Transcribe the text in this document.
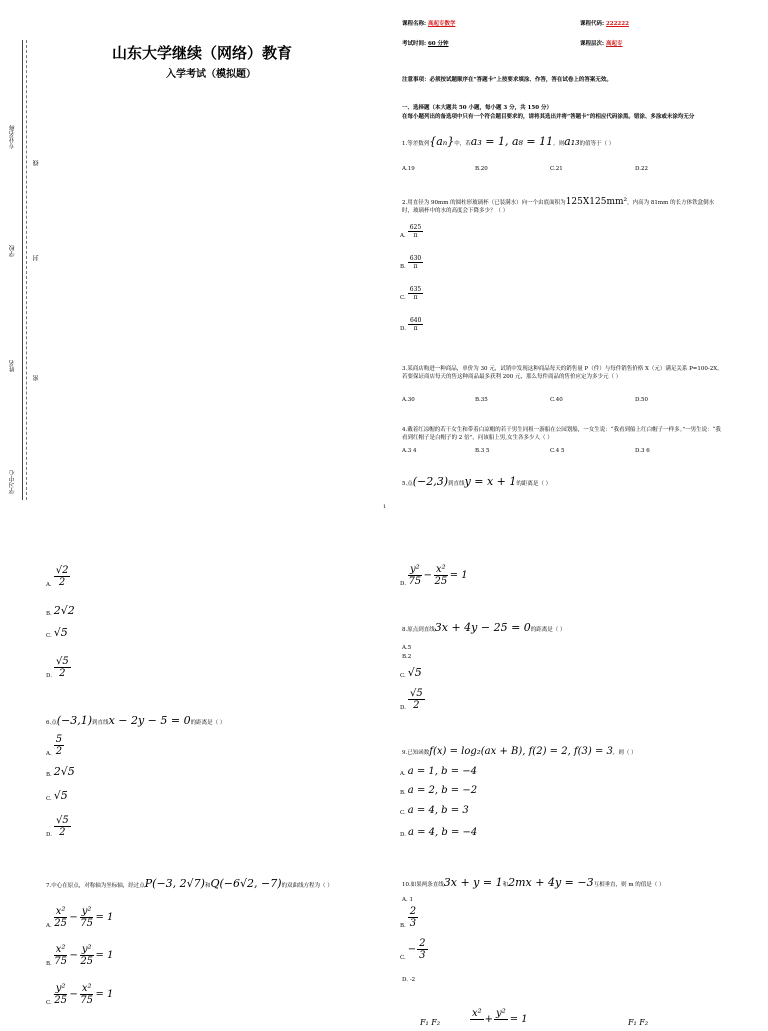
专业名称
线
学校
封
姓名
密
学习中心
山东大学继续（网络）教育
入学考试（模拟题）
课程名称: 高起专数学	课程代码: 222222
考试时间: 60 分钟	课程层次: 高起专
注意事项：必须按试题顺序在“答题卡”上按要求填涂、作答，答在试卷上的答案无效。
一、选择题（本大题共 50 小题，每小题 3 分，共 150 分）
在每小题列出的备选项中只有一个符合题目要求的，请将其选出并将“答题卡”的相应代码涂黑。错涂、多涂或未涂均无分
1.等差数列{aₙ}中，若a₃ = 1, a₈ = 11，则a₁₃的值等于（ ）
A.19	B.20	C.21	D.22
2.用直径为 90mm 的圆柱形玻璃杯（已装满水）向一个由底面积为125X125mm²，内高为 81mm 的长方体铁盒倒水时，玻璃杯中的水的高度会下降多少？（ ）
A. $\frac{625}{\pi}$
B. $\frac{630}{\pi}$
C. $\frac{635}{\pi}$
D. $\frac{640}{\pi}$
3.某商店购进一种商品，单价为 30 元，试销中发现这种商品每天的销售量 P（件）与每件销售价格 X（元）满足关系 P=100-2X。若要保证商店每天的售这种商品最多获利 200 元，那么每件商品的售价应定为多少元（ ）
A.30	B.35	C.40	D.50
4.戴着红凉帽的若干女生和带着白凉帽的若干男生同租一游船在公园划船，一女生说：“我看到船上红白帽子一样多。”一男生说：“我看到红帽子是白帽子的 2 倍”，问该船上男,女生各多少人（ ）
A.3 4	B.3 5	C.4 5	D.3 6
5.点(−2,3)到直线y = x + 1的距离是（ ）
1
A. $\frac{√2}{2}$
B. 2√2
C. √5
D. $\frac{√5}{2}$
6.点(−3,1)到直线x − 2y − 5 = 0的距离是（ ）
A. $\frac{5}{2}$
B. 2√5
C. √5
D. $\frac{√5}{2}$
7.中心在原点，对称轴为坐标轴，经过点P(−3, 2√7)和Q(−6√2, −7)的双曲线方程为（ ）
A. $\frac{\text{x²}}{25} - \frac{\text{y²}}{75} = 1$
B. $\frac{\text{x²}}{75} - \frac{\text{y²}}{25} = 1$
C. $\frac{\text{y²}}{25} - \frac{\text{x²}}{75} = 1$
D. $\frac{\text{y²}}{75} - \frac{\text{x²}}{25} = 1$
8.原点到直线3x + 4y − 25 = 0的距离是（ ）
A.5
B.2
C. √5
D. $\frac{√5}{2}$
9.已知函数f(x) = log₂(ax + B), f(2) = 2, f(3) = 3，则（ ）
A. a = 1, b = −4
B. a = 2, b = −2
C. a = 4, b = 3
D. a = 4, b = −4
10.如果两条直线3x + y = 1和2mx + 4y = −3互相垂直，则 m 的值是（ ）
A. 1
B. $\frac{2}{3}$
C.
− $\frac{2}{3}$
D. -2
F₁ F₂
x²

+
y²

= 1	F₁ F₂
